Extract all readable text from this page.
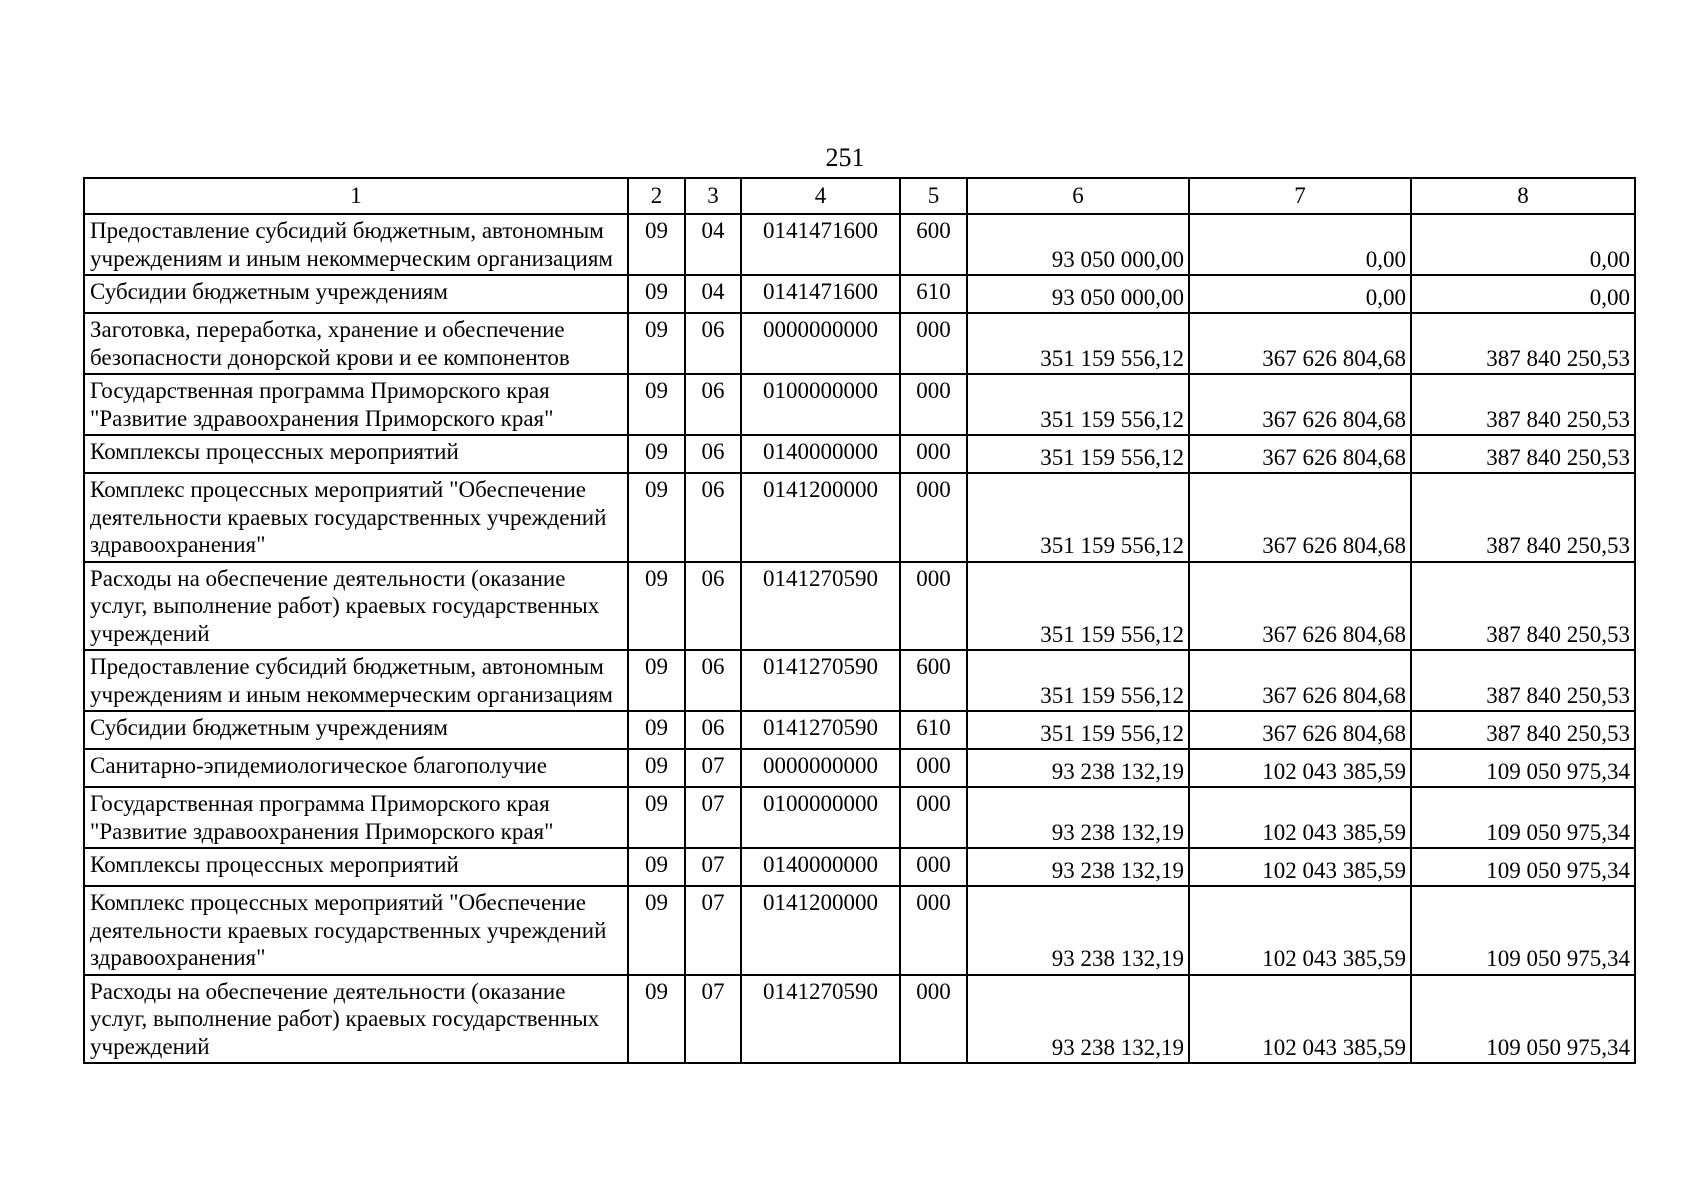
251
1	2	3	4	5	6	7	8
Предоставление субсидий бюджетным, автономным учреждениям и иным некоммерческим организациям	09	04	0141471600	600	93 050 000,00	0,00	0,00
Субсидии бюджетным учреждениям	09	04	0141471600	610	93 050 000,00	0,00	0,00
Заготовка, переработка, хранение и обеспечение безопасности донорской крови и ее компонентов	09	06	0000000000	000	351 159 556,12	367 626 804,68	387 840 250,53
Государственная программа Приморского края "Развитие здравоохранения Приморского края"	09	06	0100000000	000	351 159 556,12	367 626 804,68	387 840 250,53
Комплексы процессных мероприятий	09	06	0140000000	000	351 159 556,12	367 626 804,68	387 840 250,53
Комплекс процессных мероприятий "Обеспечение деятельности краевых государственных учреждений здравоохранения"	09	06	0141200000	000	351 159 556,12	367 626 804,68	387 840 250,53
Расходы на обеспечение деятельности (оказание услуг, выполнение работ) краевых государственных учреждений	09	06	0141270590	000	351 159 556,12	367 626 804,68	387 840 250,53
Предоставление субсидий бюджетным, автономным учреждениям и иным некоммерческим организациям	09	06	0141270590	600	351 159 556,12	367 626 804,68	387 840 250,53
Субсидии бюджетным учреждениям	09	06	0141270590	610	351 159 556,12	367 626 804,68	387 840 250,53
Санитарно-эпидемиологическое благополучие	09	07	0000000000	000	93 238 132,19	102 043 385,59	109 050 975,34
Государственная программа Приморского края "Развитие здравоохранения Приморского края"	09	07	0100000000	000	93 238 132,19	102 043 385,59	109 050 975,34
Комплексы процессных мероприятий	09	07	0140000000	000	93 238 132,19	102 043 385,59	109 050 975,34
Комплекс процессных мероприятий "Обеспечение деятельности краевых государственных учреждений здравоохранения"	09	07	0141200000	000	93 238 132,19	102 043 385,59	109 050 975,34
Расходы на обеспечение деятельности (оказание услуг, выполнение работ) краевых государственных учреждений	09	07	0141270590	000	93 238 132,19	102 043 385,59	109 050 975,34
